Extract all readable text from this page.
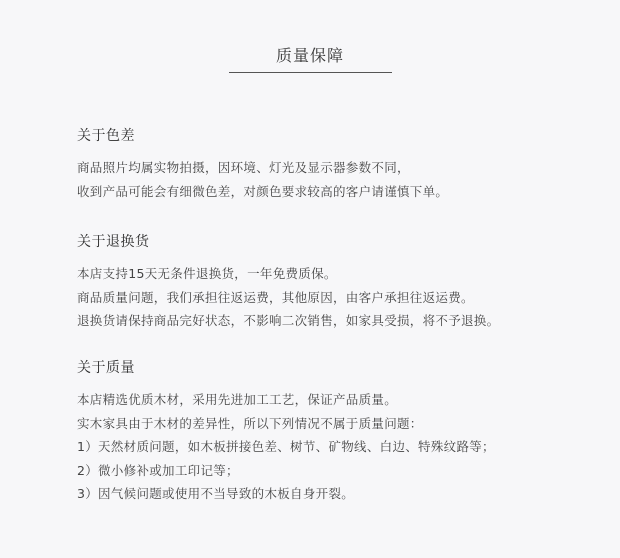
质量保障
关于色差
商品照片均属实物拍摄，因环境、灯光及显示器参数不同，
收到产品可能会有细微色差，对颜色要求较高的客户请谨慎下单。
关于退换货
本店支持15天无条件退换货，一年免费质保。
商品质量问题，我们承担往返运费，其他原因，由客户承担往返运费。
退换货请保持商品完好状态，不影响二次销售，如家具受损，将不予退换。
关于质量
本店精选优质木材，采用先进加工工艺，保证产品质量。
实木家具由于木材的差异性，所以下列情况不属于质量问题：
1）天然材质问题，如木板拼接色差、树节、矿物线、白边、特殊纹路等；
2）微小修补或加工印记等；
3）因气候问题或使用不当导致的木板自身开裂。
